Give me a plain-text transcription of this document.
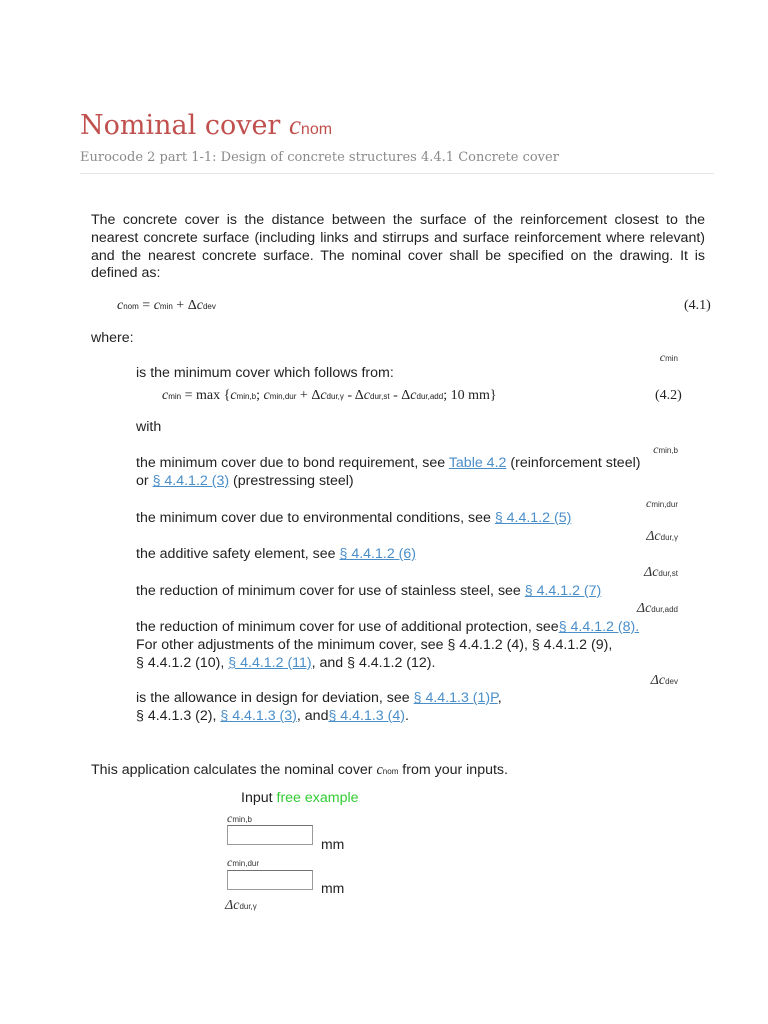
Nominal cover cnom
Eurocode 2 part 1-1: Design of concrete structures 4.4.1 Concrete cover
The concrete cover is the distance between the surface of the reinforcement closest to the nearest concrete surface (including links and stirrups and surface reinforcement where relevant) and the nearest concrete surface. The nominal cover shall be specified on the drawing. It is defined as:
cnom = cmin + Δcdev	(4.1)
where:
cmin
is the minimum cover which follows from:
cmin = max {cmin,b; cmin,dur + Δcdur,γ - Δcdur,st - Δcdur,add; 10 mm}	(4.2)
with
cmin,b
the minimum cover due to bond requirement, see Table 4.2 (reinforcement steel)
or § 4.4.1.2 (3) (prestressing steel)
cmin,dur
the minimum cover due to environmental conditions, see § 4.4.1.2 (5)
Δcdur,γ
the additive safety element, see § 4.4.1.2 (6)
Δcdur,st
the reduction of minimum cover for use of stainless steel, see § 4.4.1.2 (7)
Δcdur,add
the reduction of minimum cover for use of additional protection, see§ 4.4.1.2 (8).
For other adjustments of the minimum cover, see § 4.4.1.2 (4), § 4.4.1.2 (9),
§ 4.4.1.2 (10), § 4.4.1.2 (11), and § 4.4.1.2 (12).
Δcdev
is the allowance in design for deviation, see § 4.4.1.3 (1)P,
§ 4.4.1.3 (2), § 4.4.1.3 (3), and§ 4.4.1.3 (4).
This application calculates the nominal cover cnom from your inputs.
Input free example
cmin,b
mm
cmin,dur
mm
Δcdur,γ
